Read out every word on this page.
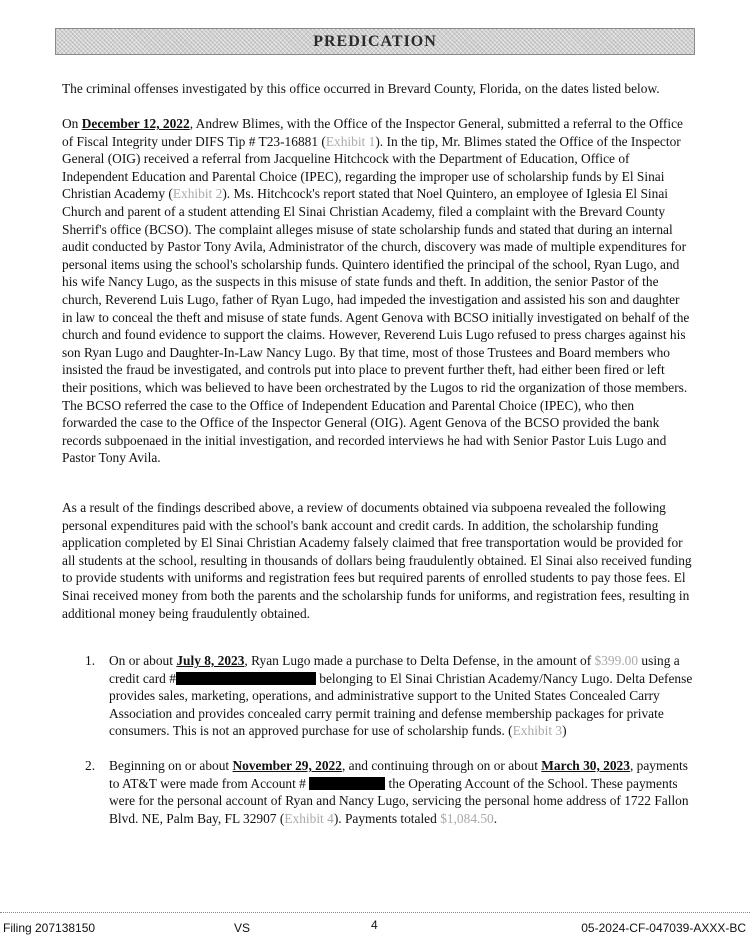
PREDICATION

The criminal offenses investigated by this office occurred in Brevard County, Florida, on the dates listed below.

On December 12, 2022, Andrew Blimes, with the Office of the Inspector General, submitted a referral to the Office of Fiscal Integrity under DIFS Tip # T23-16881 (Exhibit 1). In the tip, Mr. Blimes stated the Office of the Inspector General (OIG) received a referral from Jacqueline Hitchcock with the Department of Education, Office of Independent Education and Parental Choice (IPEC), regarding the improper use of scholarship funds by El Sinai Christian Academy (Exhibit 2). Ms. Hitchcock's report stated that Noel Quintero, an employee of Iglesia El Sinai Church and parent of a student attending El Sinai Christian Academy, filed a complaint with the Brevard County Sherrif's office (BCSO). The complaint alleges misuse of state scholarship funds and stated that during an internal audit conducted by Pastor Tony Avila, Administrator of the church, discovery was made of multiple expenditures for personal items using the school's scholarship funds. Quintero identified the principal of the school, Ryan Lugo, and his wife Nancy Lugo, as the suspects in this misuse of state funds and theft. In addition, the senior Pastor of the church, Reverend Luis Lugo, father of Ryan Lugo, had impeded the investigation and assisted his son and daughter in law to conceal the theft and misuse of state funds. Agent Genova with BCSO initially investigated on behalf of the church and found evidence to support the claims. However, Reverend Luis Lugo refused to press charges against his son Ryan Lugo and Daughter-In-Law Nancy Lugo. By that time, most of those Trustees and Board members who insisted the fraud be investigated, and controls put into place to prevent further theft, had either been fired or left their positions, which was believed to have been orchestrated by the Lugos to rid the organization of those members. The BCSO referred the case to the Office of Independent Education and Parental Choice (IPEC), who then forwarded the case to the Office of the Inspector General (OIG). Agent Genova of the BCSO provided the bank records subpoenaed in the initial investigation, and recorded interviews he had with Senior Pastor Luis Lugo and Pastor Tony Avila.

As a result of the findings described above, a review of documents obtained via subpoena revealed the following personal expenditures paid with the school's bank account and credit cards. In addition, the scholarship funding application completed by El Sinai Christian Academy falsely claimed that free transportation would be provided for all students at the school, resulting in thousands of dollars being fraudulently obtained. El Sinai also received funding to provide students with uniforms and registration fees but required parents of enrolled students to pay those fees. El Sinai received money from both the parents and the scholarship funds for uniforms, and registration fees, resulting in additional money being fraudulently obtained.

1. On or about July 8, 2023, Ryan Lugo made a purchase to Delta Defense, in the amount of $399.00 using a credit card #	belonging to El Sinai Christian Academy/Nancy Lugo. Delta Defense provides sales, marketing, operations, and administrative support to the United States Concealed Carry Association and provides concealed carry permit training and defense membership packages for private consumers. This is not an approved purchase for use of scholarship funds. (Exhibit 3)
2. Beginning on or about November 29, 2022, and continuing through on or about March 30, 2023, payments to AT&T were made from Account #	the Operating Account of the School. These payments were for the personal account of Ryan and Nancy Lugo, servicing the personal home address of 1722 Fallon Blvd. NE, Palm Bay, FL 32907 (Exhibit 4). Payments totaled $1,084.50.
Filing 207138150	VS	4	05-2024-CF-047039-AXXX-BC
